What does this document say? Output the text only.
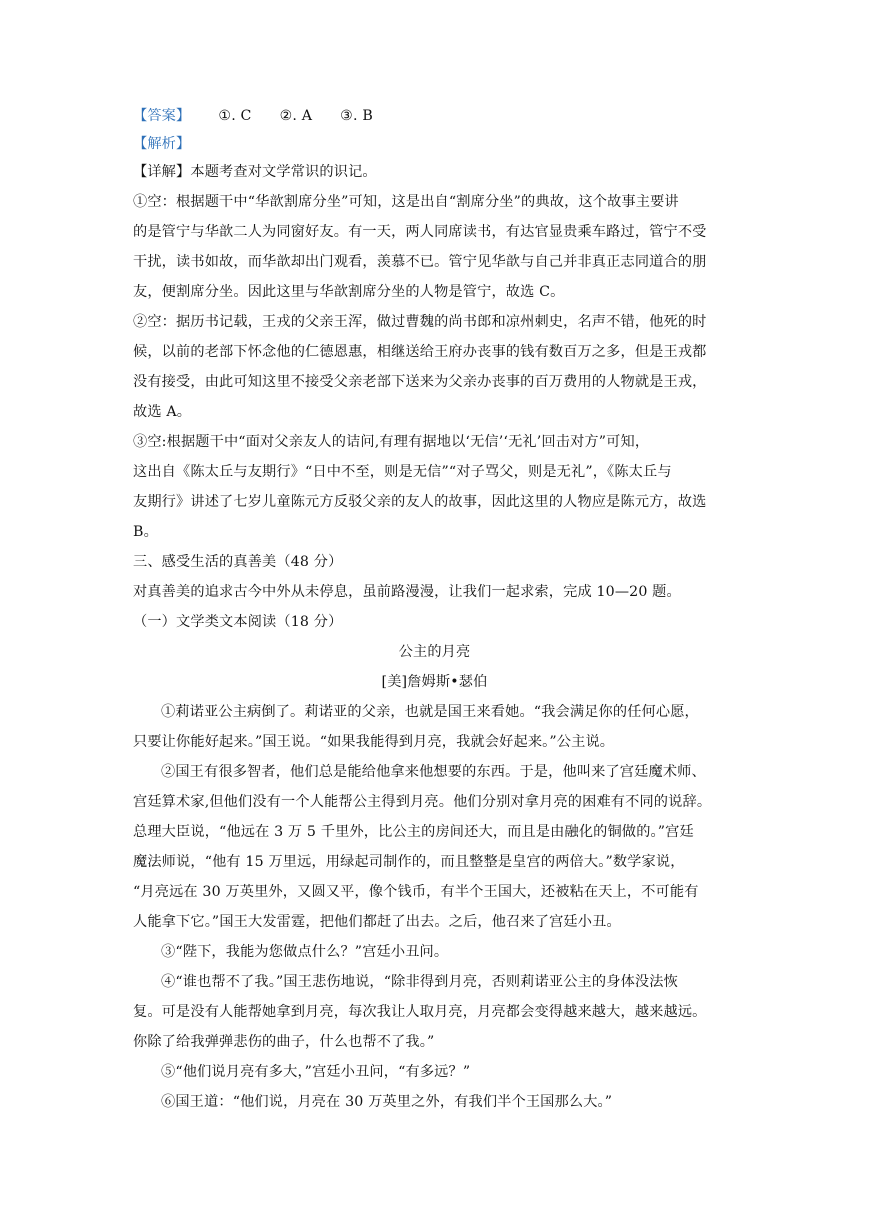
【答案】 ①. C ②. A ③. B
【解析】
【详解】本题考查对文学常识的识记。
①空：根据题干中“华歆割席分坐”可知，这是出自“割席分坐”的典故，这个故事主要讲
的是管宁与华歆二人为同窗好友。有一天，两人同席读书，有达官显贵乘车路过，管宁不受
干扰，读书如故，而华歆却出门观看，羡慕不已。管宁见华歆与自己并非真正志同道合的朋
友，便割席分坐。因此这里与华歆割席分坐的人物是管宁，故选 C。
②空：据历书记载，王戎的父亲王浑，做过曹魏的尚书郎和凉州刺史，名声不错，他死的时
候，以前的老部下怀念他的仁德恩惠，相继送给王府办丧事的钱有数百万之多，但是王戎都
没有接受，由此可知这里不接受父亲老部下送来为父亲办丧事的百万费用的人物就是王戎，
故选 A。
③空:根据题干中“面对父亲友人的诘问,有理有据地以‘无信’‘无礼’回击对方”可知，
这出自《陈太丘与友期行》“日中不至，则是无信”“对子骂父，则是无礼”，《陈太丘与
友期行》讲述了七岁儿童陈元方反驳父亲的友人的故事，因此这里的人物应是陈元方，故选
B。
三、感受生活的真善美（48 分）
对真善美的追求古今中外从未停息，虽前路漫漫，让我们一起求索，完成 10—20 题。
（一）文学类文本阅读（18 分）
公主的月亮
[美]詹姆斯•瑟伯
①莉诺亚公主病倒了。莉诺亚的父亲，也就是国王来看她。“我会满足你的任何心愿，
只要让你能好起来。”国王说。“如果我能得到月亮，我就会好起来。”公主说。
②国王有很多智者，他们总是能给他拿来他想要的东西。于是，他叫来了宫廷魔术师、
宫廷算术家,但他们没有一个人能帮公主得到月亮。他们分别对拿月亮的困难有不同的说辞。
总理大臣说，“他远在 3 万 5 千里外，比公主的房间还大，而且是由融化的铜做的。”宫廷
魔法师说，“他有 15 万里远，用绿起司制作的，而且整整是皇宫的两倍大。”数学家说，
“月亮远在 30 万英里外，又圆又平，像个钱币，有半个王国大，还被粘在天上，不可能有
人能拿下它。”国王大发雷霆，把他们都赶了出去。之后，他召来了宫廷小丑。
③“陛下，我能为您做点什么？”宫廷小丑问。
④“谁也帮不了我。”国王悲伤地说，“除非得到月亮，否则莉诺亚公主的身体没法恢
复。可是没有人能帮她拿到月亮，每次我让人取月亮，月亮都会变得越来越大，越来越远。
你除了给我弹弹悲伤的曲子，什么也帮不了我。”
⑤“他们说月亮有多大，”宫廷小丑问，“有多远？”
⑥国王道：“他们说，月亮在 30 万英里之外，有我们半个王国那么大。”
